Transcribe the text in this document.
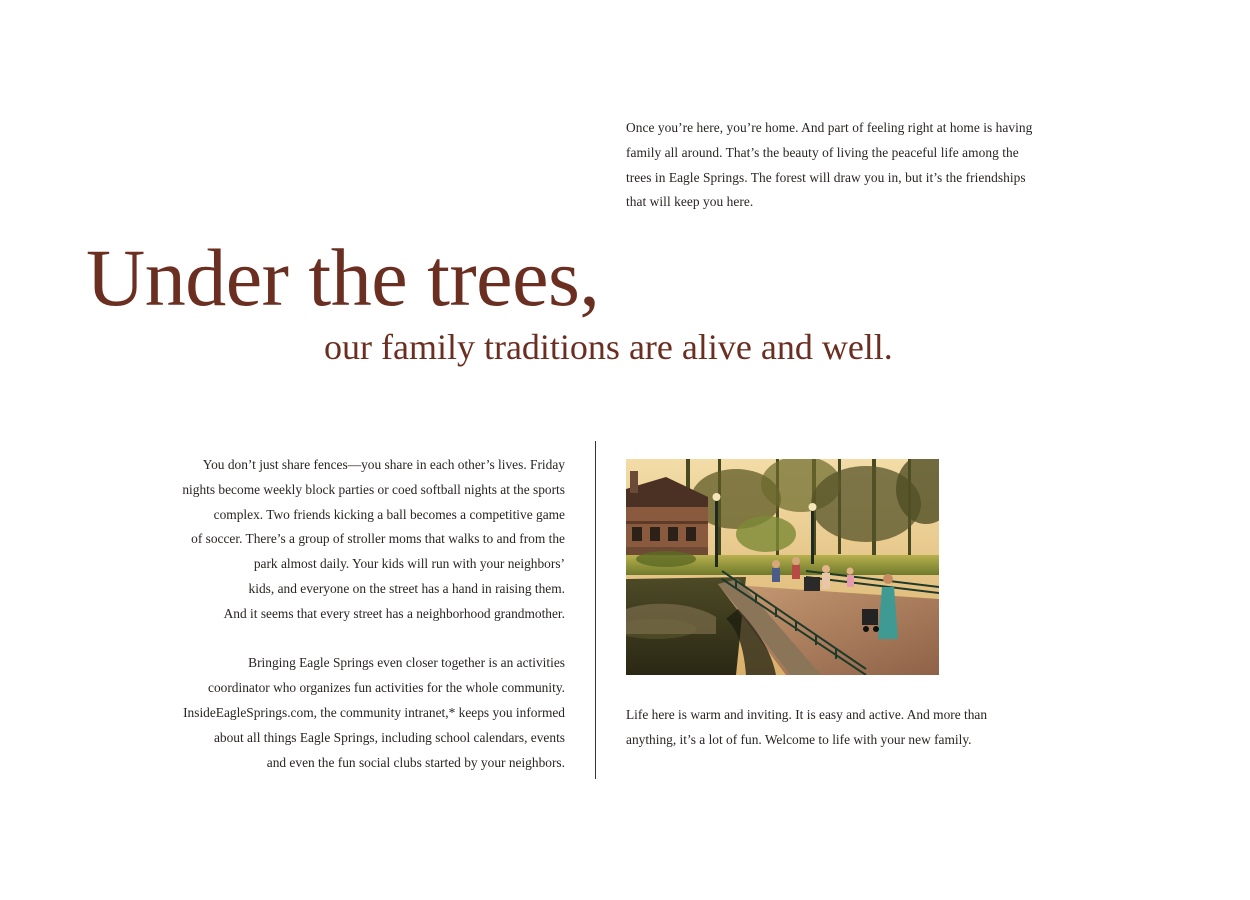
Once you’re here, you’re home. And part of feeling right at home is having
family all around. That’s the beauty of living the peaceful life among the
trees in Eagle Springs. The forest will draw you in, but it’s the friendships
that will keep you here.
Under the trees,
our family traditions are alive and well.
You don’t just share fences—you share in each other’s lives. Friday
nights become weekly block parties or coed softball nights at the sports
complex. Two friends kicking a ball becomes a competitive game
of soccer. There’s a group of stroller moms that walks to and from the
park almost daily. Your kids will run with your neighbors’
kids, and everyone on the street has a hand in raising them.
And it seems that every street has a neighborhood grandmother.
Bringing Eagle Springs even closer together is an activities
coordinator who organizes fun activities for the whole community.
InsideEagleSprings.com, the community intranet,* keeps you informed
about all things Eagle Springs, including school calendars, events
and even the fun social clubs started by your neighbors.
Life here is warm and inviting. It is easy and active. And more than
anything, it’s a lot of fun. Welcome to life with your new family.
